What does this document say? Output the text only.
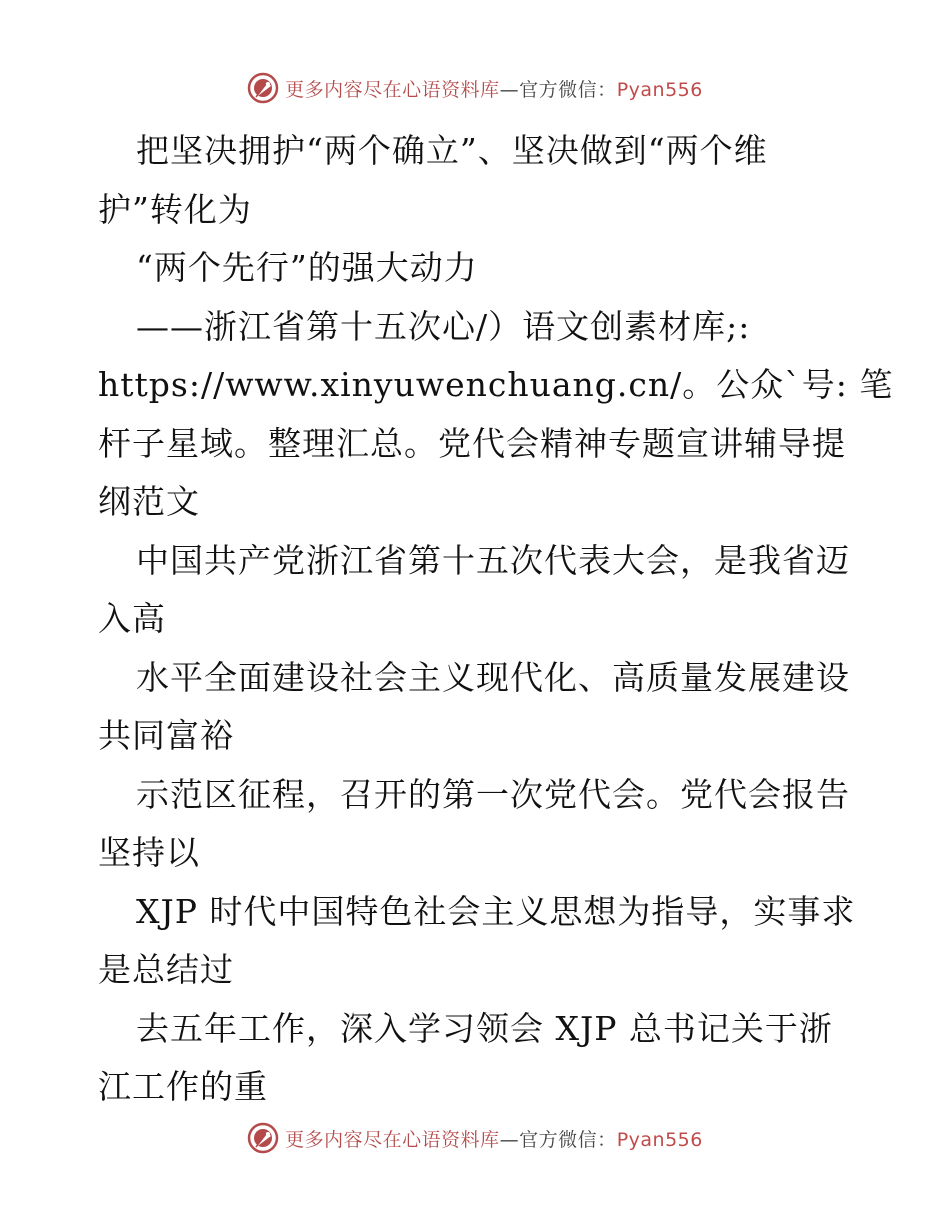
更多内容尽在心语资料库—官方微信：Pyan556
把坚决拥护“两个确立”、坚决做到“两个维
护”转化为
“两个先行”的强大动力
——浙江省第十五次心/）语文创素材库;:
https://www.xinyuwenchuang.cn/。公众`号: 笔
杆子星域。整理汇总。党代会精神专题宣讲辅导提
纲范文
中国共产党浙江省第十五次代表大会，是我省迈
入高
水平全面建设社会主义现代化、高质量发展建设
共同富裕
示范区征程，召开的第一次党代会。党代会报告
坚持以
XJP 时代中国特色社会主义思想为指导，实事求
是总结过
去五年工作，深入学习领会 XJP 总书记关于浙
江工作的重
更多内容尽在心语资料库—官方微信：Pyan556
